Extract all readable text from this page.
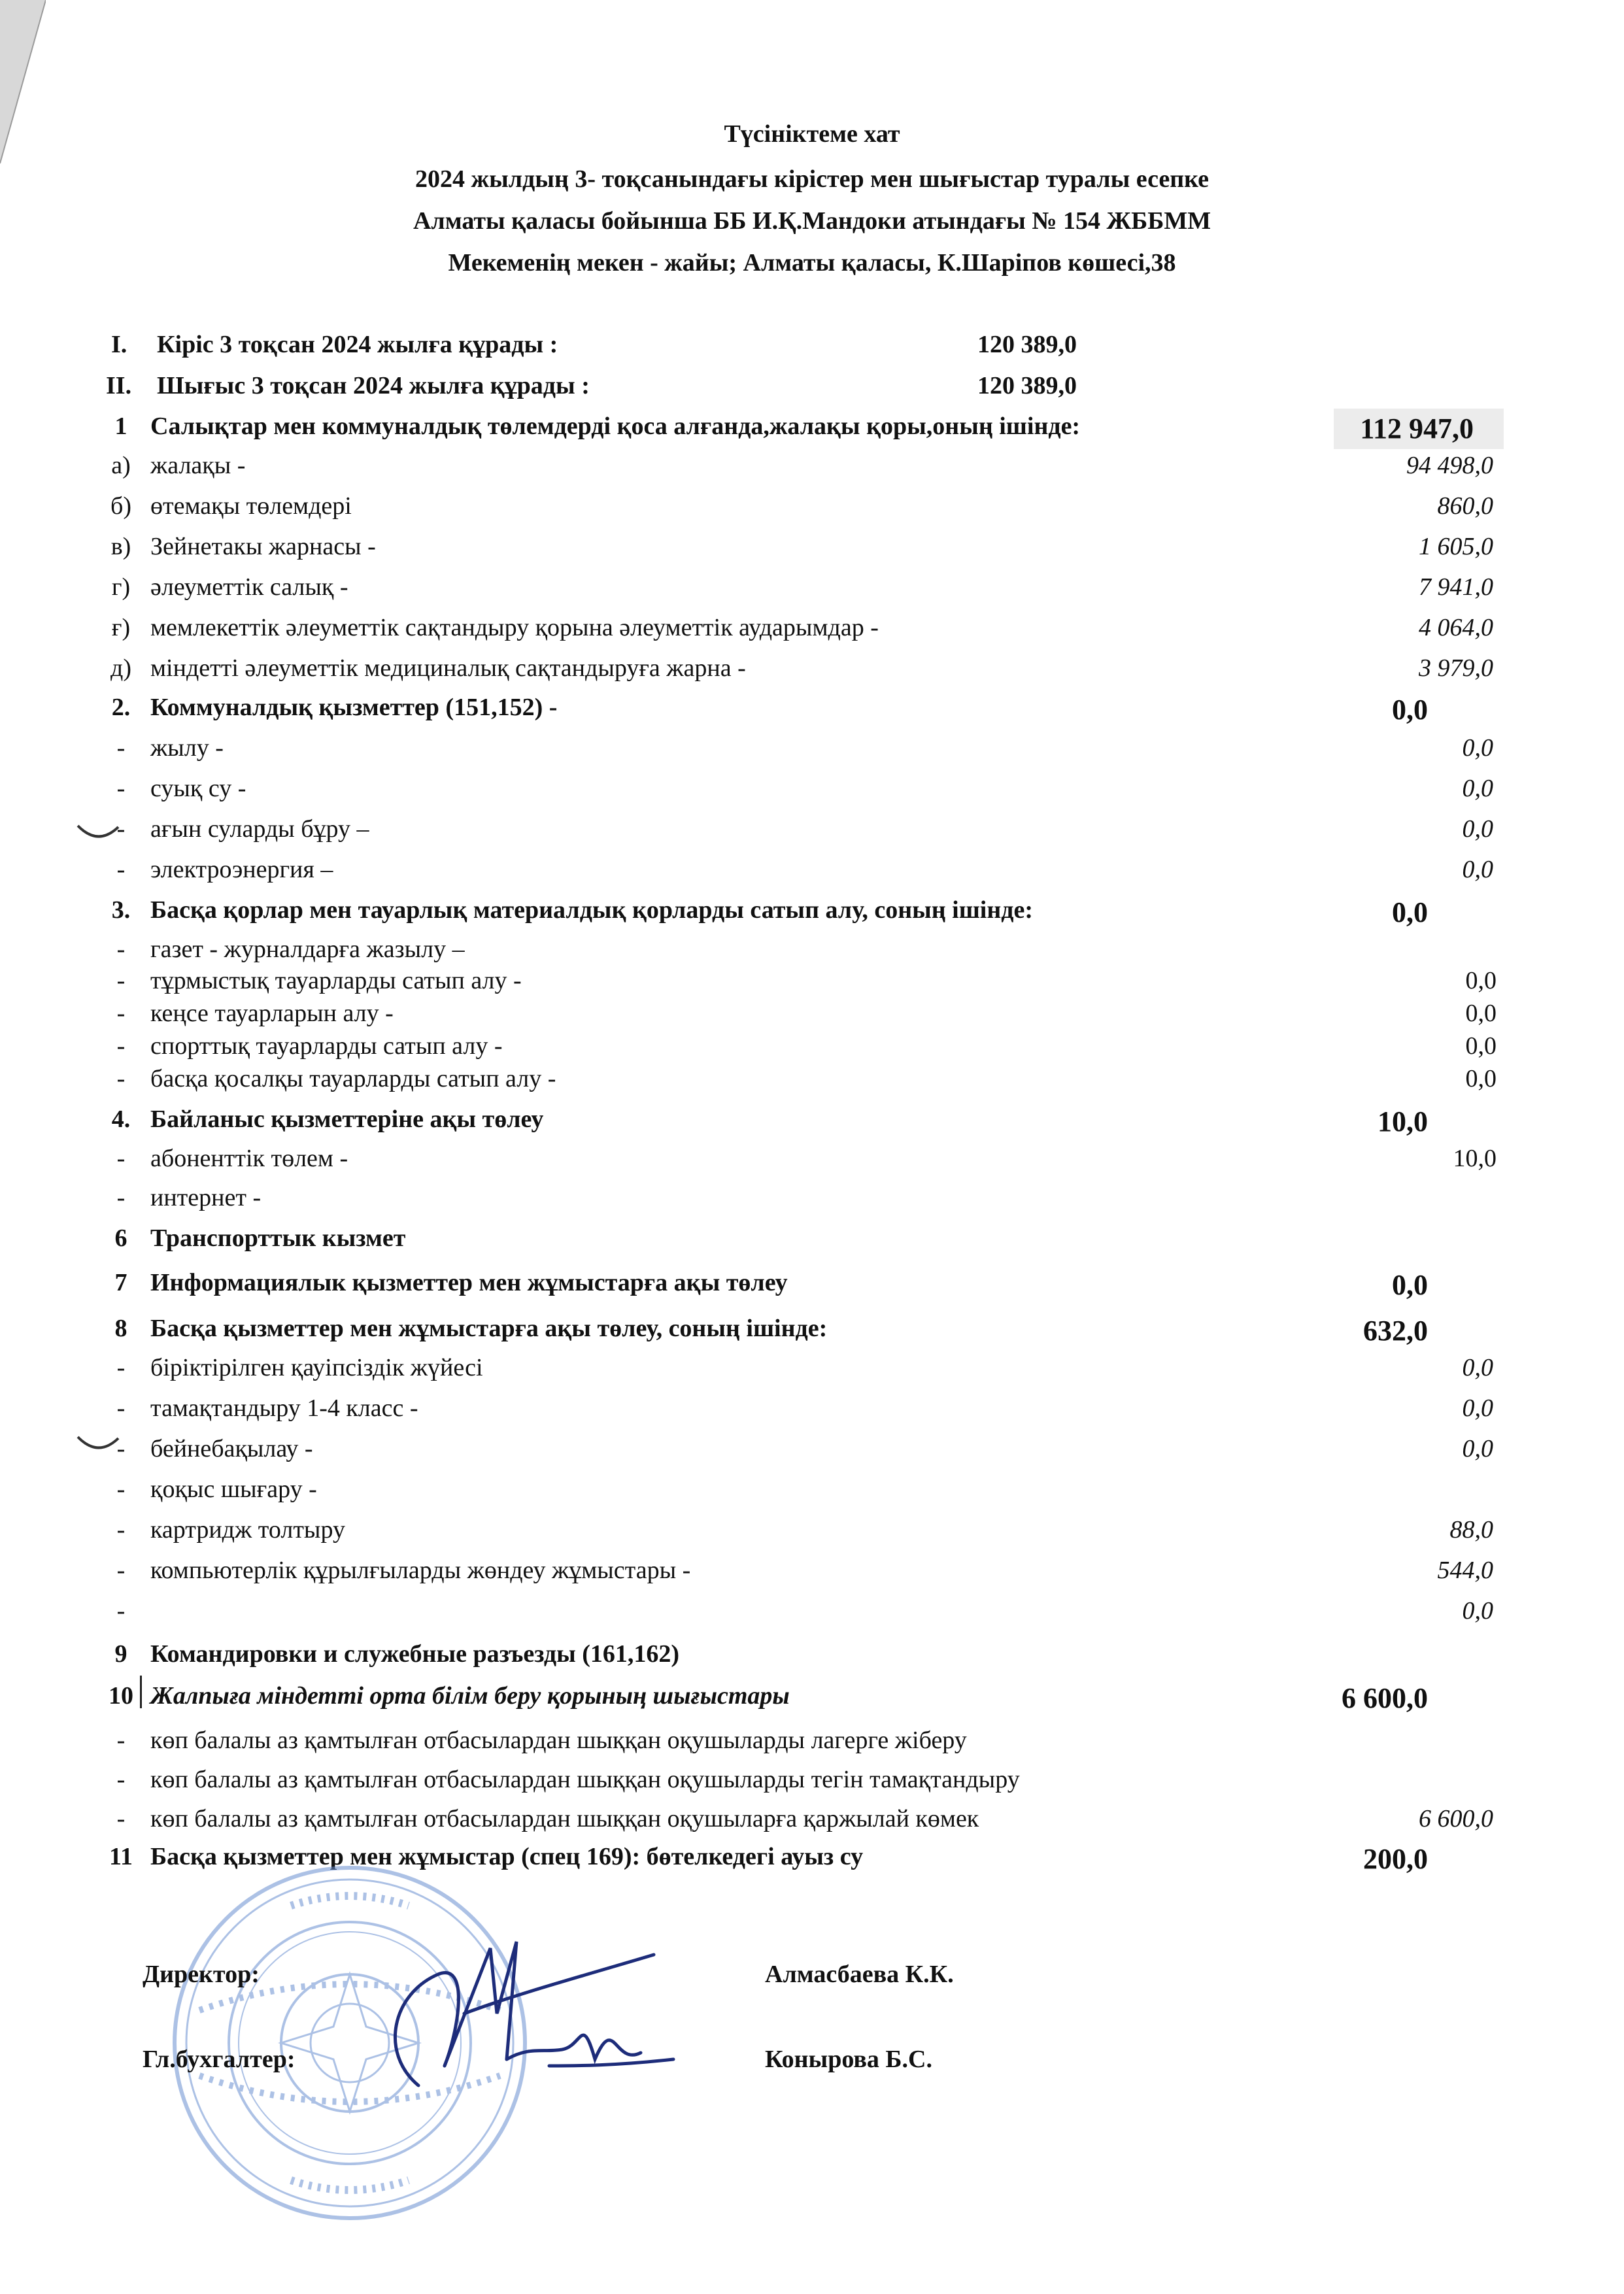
Түсініктеме хат
2024 жылдың 3- тоқсанындағы кірістер мен шығыстар туралы есепке
Алматы қаласы бойынша ББ И.Қ.Мандоки атындағы № 154 ЖББММ
Мекеменің мекен - жайы; Алматы қаласы, К.Шаріпов көшесі,38
I. Кіріс 3 тоқсан 2024 жылға құрады :	120 389,0
II. Шығыс 3 тоқсан 2024 жылға құрады :	120 389,0
1 Салықтар мен коммуналдық төлемдерді қоса алғанда,жалақы қоры,оның ішінде:	112 947,0
а) жалақы -	94 498,0
б) өтемақы төлемдері	860,0
в) Зейнетакы жарнасы -	1 605,0
г) әлеуметтік салық -	7 941,0
ғ) мемлекеттік әлеуметтік сақтандыру қорына әлеуметтік аударымдар -	4 064,0
д) міндетті әлеуметтік медициналық сақтандыруға жарна -	3 979,0
2. Коммуналдық қызметтер (151,152) -	0,0
-	жылу -	0,0
-	суық су -	0,0
-	ағын суларды бұру –	0,0
-	электроэнергия –	0,0
3. Басқа қорлар мен тауарлық материалдық қорларды сатып алу, соның ішінде:	0,0
-	газет - журналдарға жазылу –
-	тұрмыстық тауарларды сатып алу -	0,0
-	кеңсе тауарларын алу -	0,0
-	спорттық тауарларды сатып алу -	0,0
-	басқа қосалқы тауарларды сатып алу -	0,0
4. Байланыс қызметтеріне ақы төлеу	10,0
-	абоненттік төлем -	10,0
-	интернет -
6 Транспорттык кызмет
7 Информациялык қызметтер мен жұмыстарға ақы төлеу	0,0
8 Басқа қызметтер мен жұмыстарға ақы төлеу, соның ішінде:	632,0
-	біріктірілген қауіпсіздік жүйесі	0,0
-	тамақтандыру 1-4 класс -	0,0
-	бейнебақылау -	0,0
-	қоқыс шығару -
-	картридж толтыру	88,0
-	компьютерлік құрылғыларды жөндеу жұмыстары -	544,0
-	0,0
9 Командировки и служебные разъезды (161,162)
10 Жалпыға міндетті орта білім беру қорының шығыстары	6 600,0
-	көп балалы аз қамтылған отбасылардан шыққан оқушыларды лагерге жіберу
-	көп балалы аз қамтылған отбасылардан шыққан оқушыларды тегін тамақтандыру
-	көп балалы аз қамтылған отбасылардан шыққан оқушыларға қаржылай көмек	6 600,0
11 Басқа қызметтер мен жұмыстар (спец 169): бөтелкедегі ауыз су	200,0
Директор:	Алмасбаева К.К.
Гл.бухгалтер:	Конырова Б.С.
